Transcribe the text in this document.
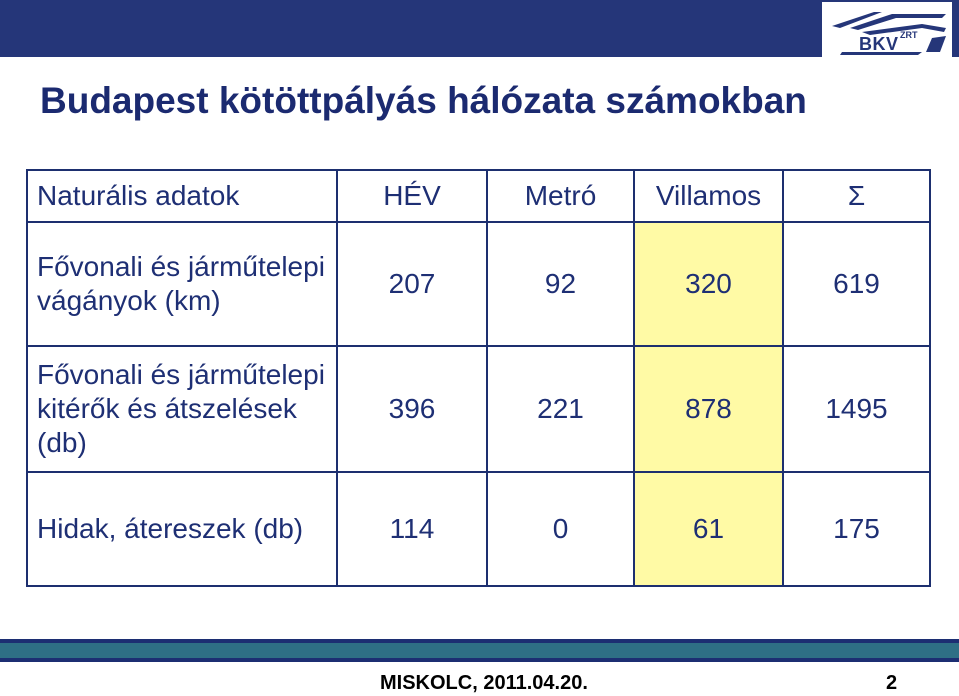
BKV ZRT
Budapest kötöttpályás hálózata számokban
Naturális adatok	HÉV	Metró	Villamos	Σ
Fővonali és járműtelepi vágányok (km)	207	92	320	619
Fővonali és járműtelepi kitérők és átszelések (db)	396	221	878	1495
Hidak, átereszek (db)	114	0	61	175
MISKOLC, 2011.04.20.	2
